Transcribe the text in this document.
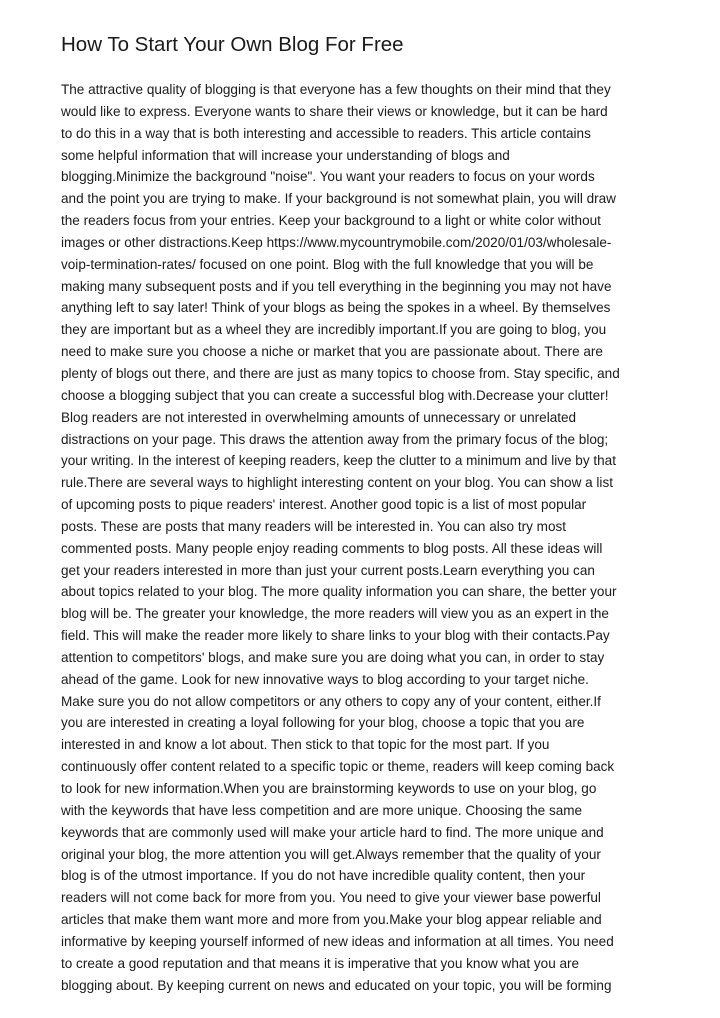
How To Start Your Own Blog For Free
The attractive quality of blogging is that everyone has a few thoughts on their mind that they
would like to express. Everyone wants to share their views or knowledge, but it can be hard
to do this in a way that is both interesting and accessible to readers. This article contains
some helpful information that will increase your understanding of blogs and
blogging.Minimize the background "noise". You want your readers to focus on your words
and the point you are trying to make. If your background is not somewhat plain, you will draw
the readers focus from your entries. Keep your background to a light or white color without
images or other distractions.Keep https://www.mycountrymobile.com/2020/01/03/wholesale-
voip-termination-rates/ focused on one point. Blog with the full knowledge that you will be
making many subsequent posts and if you tell everything in the beginning you may not have
anything left to say later! Think of your blogs as being the spokes in a wheel. By themselves
they are important but as a wheel they are incredibly important.If you are going to blog, you
need to make sure you choose a niche or market that you are passionate about. There are
plenty of blogs out there, and there are just as many topics to choose from. Stay specific, and
choose a blogging subject that you can create a successful blog with.Decrease your clutter!
Blog readers are not interested in overwhelming amounts of unnecessary or unrelated
distractions on your page. This draws the attention away from the primary focus of the blog;
your writing. In the interest of keeping readers, keep the clutter to a minimum and live by that
rule.There are several ways to highlight interesting content on your blog. You can show a list
of upcoming posts to pique readers' interest. Another good topic is a list of most popular
posts. These are posts that many readers will be interested in. You can also try most
commented posts. Many people enjoy reading comments to blog posts. All these ideas will
get your readers interested in more than just your current posts.Learn everything you can
about topics related to your blog. The more quality information you can share, the better your
blog will be. The greater your knowledge, the more readers will view you as an expert in the
field. This will make the reader more likely to share links to your blog with their contacts.Pay
attention to competitors' blogs, and make sure you are doing what you can, in order to stay
ahead of the game. Look for new innovative ways to blog according to your target niche.
Make sure you do not allow competitors or any others to copy any of your content, either.If
you are interested in creating a loyal following for your blog, choose a topic that you are
interested in and know a lot about. Then stick to that topic for the most part. If you
continuously offer content related to a specific topic or theme, readers will keep coming back
to look for new information.When you are brainstorming keywords to use on your blog, go
with the keywords that have less competition and are more unique. Choosing the same
keywords that are commonly used will make your article hard to find. The more unique and
original your blog, the more attention you will get.Always remember that the quality of your
blog is of the utmost importance. If you do not have incredible quality content, then your
readers will not come back for more from you. You need to give your viewer base powerful
articles that make them want more and more from you.Make your blog appear reliable and
informative by keeping yourself informed of new ideas and information at all times. You need
to create a good reputation and that means it is imperative that you know what you are
blogging about. By keeping current on news and educated on your topic, you will be forming
